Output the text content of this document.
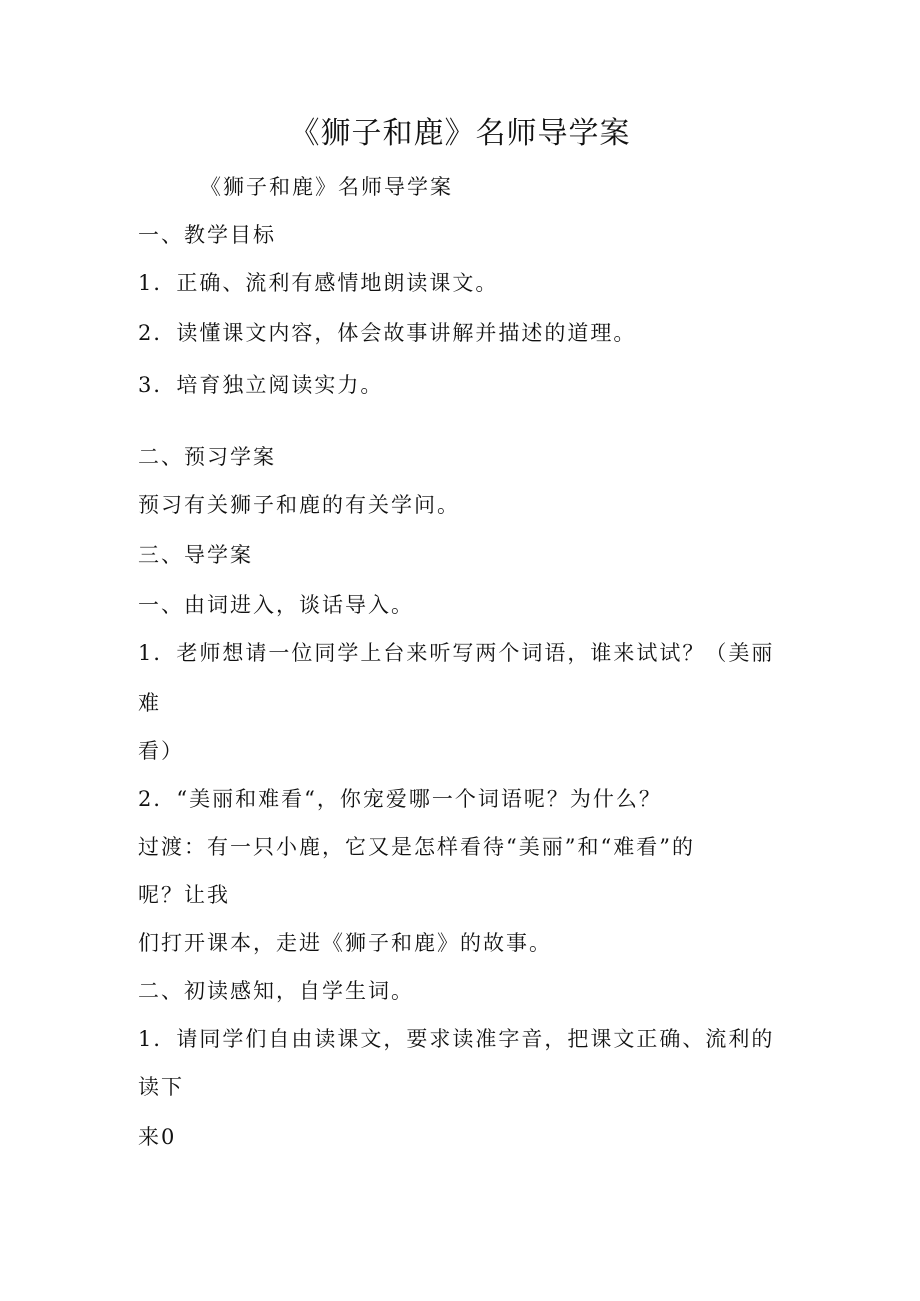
《狮子和鹿》名师导学案
《狮子和鹿》名师导学案
一、教学目标
1．正确、流利有感情地朗读课文。
2．读懂课文内容，体会故事讲解并描述的道理。
3．培育独立阅读实力。
二、预习学案
预习有关狮子和鹿的有关学问。
三、导学案
一、由词进入，谈话导入。
1．老师想请一位同学上台来听写两个词语，谁来试试？（美丽
难
看）
2．“美丽和难看“，你宠爱哪一个词语呢？为什么？
过渡：有一只小鹿，它又是怎样看待“美丽”和“难看”的
呢？让我
们打开课本，走进《狮子和鹿》的故事。
二、初读感知，自学生词。
1．请同学们自由读课文，要求读准字音，把课文正确、流利的
读下
来0
